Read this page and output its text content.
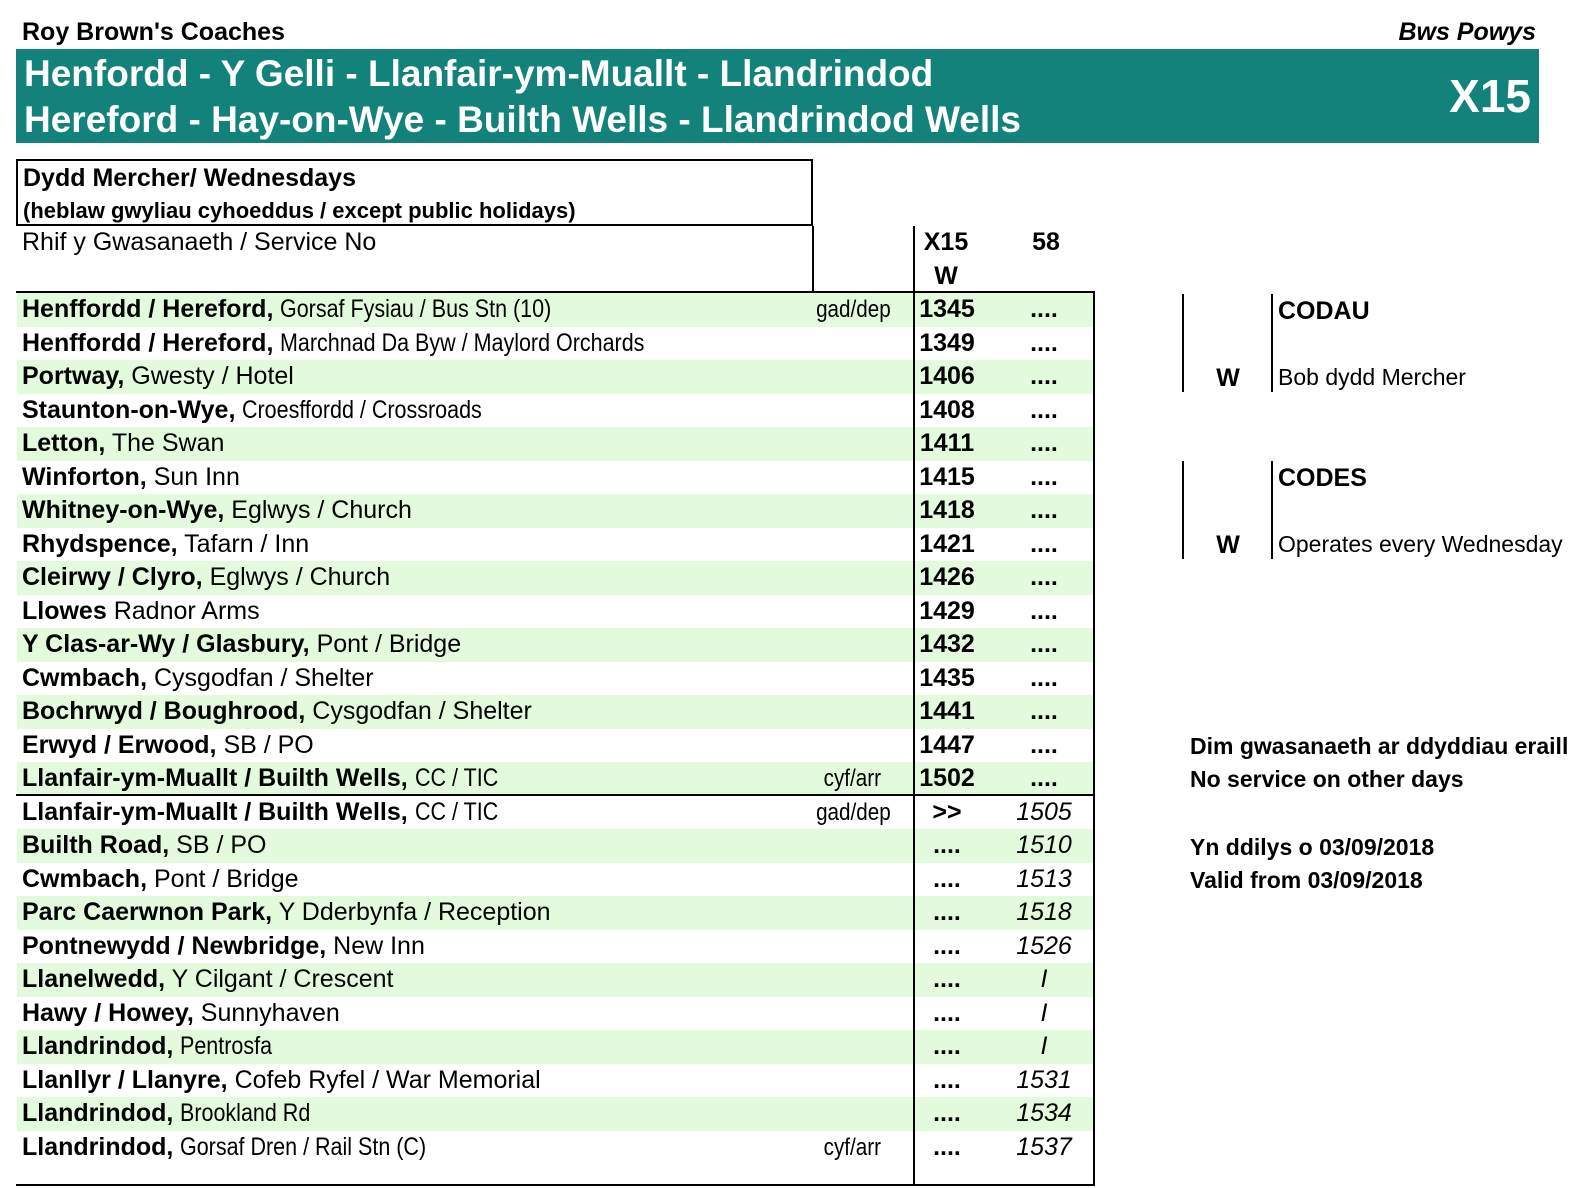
Roy Brown's Coaches	Bws Powys
Henfordd - Y Gelli - Llanfair-ym-Muallt - Llandrindod
Hereford - Hay-on-Wye - Builth Wells - Llandrindod Wells	X15
Dydd Mercher/ Wednesdays
(heblaw gwyliau cyhoeddus / except public holidays)
Rhif y Gwasanaeth / Service No	X15
W
58
Henffordd / Hereford, Gorsaf Fysiau / Bus Stn (10)	gad/dep 1345	....
Henffordd / Hereford, Marchnad Da Byw / Maylord Orchards	1349	....
Portway, Gwesty / Hotel	1406	....
Staunton-on-Wye, Croesffordd / Crossroads	1408	....
Letton, The Swan	1411	....
Winforton, Sun Inn	1415	....
Whitney-on-Wye, Eglwys / Church	1418	....
Rhydspence, Tafarn / Inn	1421	....
Cleirwy / Clyro, Eglwys / Church	1426	....
Llowes Radnor Arms	1429	....
Y Clas-ar-Wy / Glasbury, Pont / Bridge	1432	....
Cwmbach, Cysgodfan / Shelter	1435	....
Bochrwyd / Boughrood, Cysgodfan / Shelter	1441	....
Erwyd / Erwood, SB / PO	1447	....
Llanfair-ym-Muallt / Builth Wells, CC / TIC	cyf/arr	1502	....
Llanfair-ym-Muallt / Builth Wells, CC / TIC	gad/dep	>>	1505
Builth Road, SB / PO	....	1510
Cwmbach, Pont / Bridge	....	1513
Parc Caerwnon Park, Y Dderbynfa / Reception	....	1518
Pontnewydd / Newbridge, New Inn	....	1526
Llanelwedd, Y Cilgant / Crescent	....	I
Hawy / Howey, Sunnyhaven	....	I
Llandrindod, Pentrosfa	....	I
Llanllyr / Llanyre, Cofeb Ryfel / War Memorial	....	1531
Llandrindod, Brookland Rd	....	1534
Llandrindod, Gorsaf Dren / Rail Stn (C)	cyf/arr	....	1537
CODAU
W	Bob dydd Mercher
CODES
W	Operates every Wednesday
Dim gwasanaeth ar ddyddiau eraill
No service on other days
Yn ddilys o 03/09/2018
Valid from 03/09/2018
